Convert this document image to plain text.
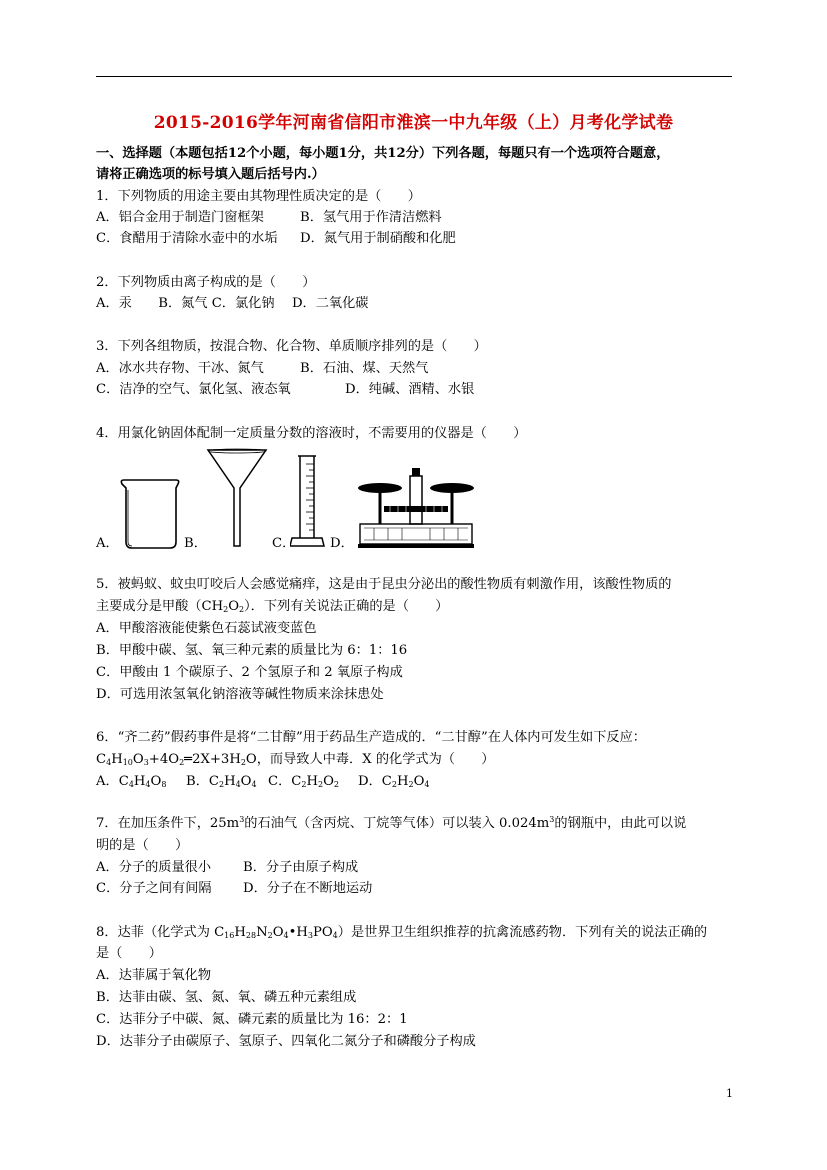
2015-2016学年河南省信阳市淮滨一中九年级（上）月考化学试卷
一、选择题（本题包括12个小题，每小题1分，共12分）下列各题，每题只有一个选项符合题意，
请将正确选项的标号填入题后括号内.）
1．下列物质的用途主要由其物理性质决定的是（　　）
A．铝合金用于制造门窗框架	B．氢气用于作清洁燃料
C．食醋用于清除水壶中的水垢 D．氮气用于制硝酸和化肥
2．下列物质由离子构成的是（　　）
A．汞　　B．氮气 C．氯化钠　 D．二氧化碳
3．下列各组物质，按混合物、化合物、单质顺序排列的是（　　）
A．冰水共存物、干冰、氮气	B．石油、煤、天然气
C．洁净的空气、氯化氢、液态氧	D．纯碱、酒精、水银
4．用氯化钠固体配制一定质量分数的溶液时，不需要用的仪器是（　　）
A．	B．	C．	D．
5．被蚂蚁、蚊虫叮咬后人会感觉痛痒，这是由于昆虫分泌出的酸性物质有刺激作用，该酸性物质的
主要成分是甲酸$(CH_2O_2)$．下列有关说法正确的是（　　）
A．甲酸溶液能使紫色石蕊试液变蓝色
B．甲酸中碳、氢、氧三种元素的质量比为 6：1：16
C．甲酸由 1 个碳原子、2 个氢原子和 2 氧原子构成
D．可选用浓氢氧化钠溶液等碱性物质来涂抹患处
6．“齐二药”假药事件是将“二甘醇”用于药品生产造成的．“二甘醇”在人体内可发生如下反应：
$C_4H_{10}O_3+4O_2═2X+3H_2O$，而导致人中毒．X 的化学式为（　　）
A．$C_4H_4O_8$ B．$C_2H_4O_4$ C．$C_2H_2O_2$ D．$C_2H_2O_4$
7．在加压条件下，$25m^3$的石油气（含丙烷、丁烷等气体）可以装入 $0.024m^3$的钢瓶中，由此可以说
明的是（　　）
A．分子的质量很小 B．分子由原子构成
C．分子之间有间隔 D．分子在不断地运动
8．达菲（化学式为 $C_{16}H_{28}N_2O_4•H_3PO_4$）是世界卫生组织推荐的抗禽流感药物．下列有关的说法正确的
是（　　）
A．达菲属于氧化物
B．达菲由碳、氢、氮、氧、磷五种元素组成
C．达菲分子中碳、氮、磷元素的质量比为 16：2：1
D．达菲分子由碳原子、氢原子、四氧化二氮分子和磷酸分子构成
1
